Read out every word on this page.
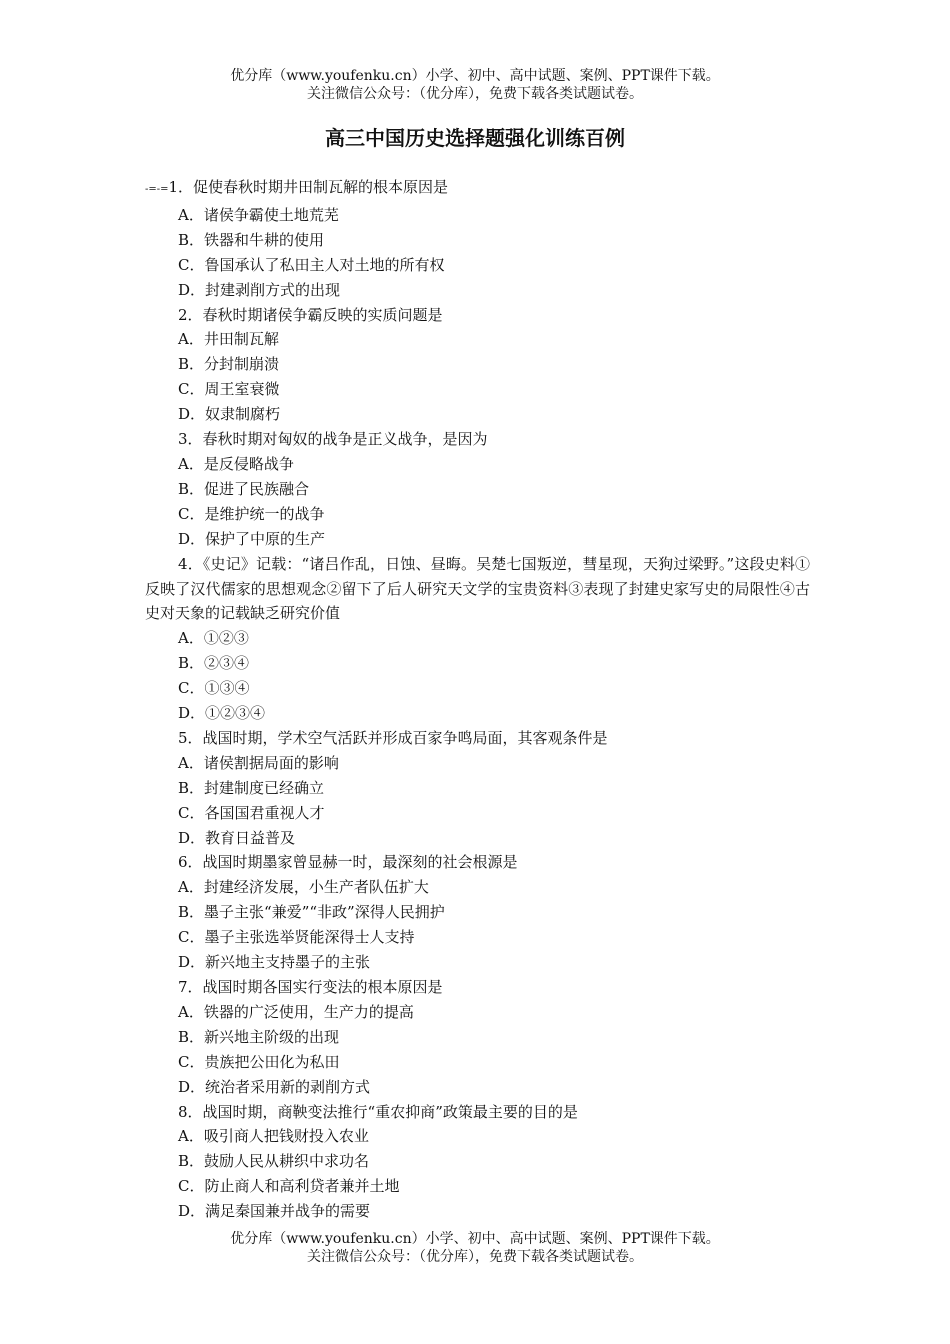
优分库（www.youfenku.cn）小学、初中、高中试题、案例、PPT课件下载。
关注微信公众号：（优分库），免费下载各类试题试卷。
高三中国历史选择题强化训练百例
-=-=1．促使春秋时期井田制瓦解的根本原因是
A．诸侯争霸使土地荒芜
B．铁器和牛耕的使用
C．鲁国承认了私田主人对土地的所有权
D．封建剥削方式的出现
2．春秋时期诸侯争霸反映的实质问题是
A．井田制瓦解
B．分封制崩溃
C．周王室衰微
D．奴隶制腐朽
3．春秋时期对匈奴的战争是正义战争，是因为
A．是反侵略战争
B．促进了民族融合
C．是维护统一的战争
D．保护了中原的生产
4．《史记》记载：“诸吕作乱，日蚀、昼晦。吴楚七国叛逆，彗星现，天狗过梁野。”这段史料①反映了汉代儒家的思想观念②留下了后人研究天文学的宝贵资料③表现了封建史家写史的局限性④古史对天象的记载缺乏研究价值
A．①②③
B．②③④
C．①③④
D．①②③④
5．战国时期，学术空气活跃并形成百家争鸣局面，其客观条件是
A．诸侯割据局面的影响
B．封建制度已经确立
C．各国国君重视人才
D．教育日益普及
6．战国时期墨家曾显赫一时，最深刻的社会根源是
A．封建经济发展，小生产者队伍扩大
B．墨子主张“兼爱”“非政”深得人民拥护
C．墨子主张选举贤能深得士人支持
D．新兴地主支持墨子的主张
7．战国时期各国实行变法的根本原因是
A．铁器的广泛使用，生产力的提高
B．新兴地主阶级的出现
C．贵族把公田化为私田
D．统治者采用新的剥削方式
8．战国时期，商鞅变法推行“重农抑商”政策最主要的目的是
A．吸引商人把钱财投入农业
B．鼓励人民从耕织中求功名
C．防止商人和高利贷者兼并土地
D．满足秦国兼并战争的需要
优分库（www.youfenku.cn）小学、初中、高中试题、案例、PPT课件下载。
关注微信公众号：（优分库），免费下载各类试题试卷。
